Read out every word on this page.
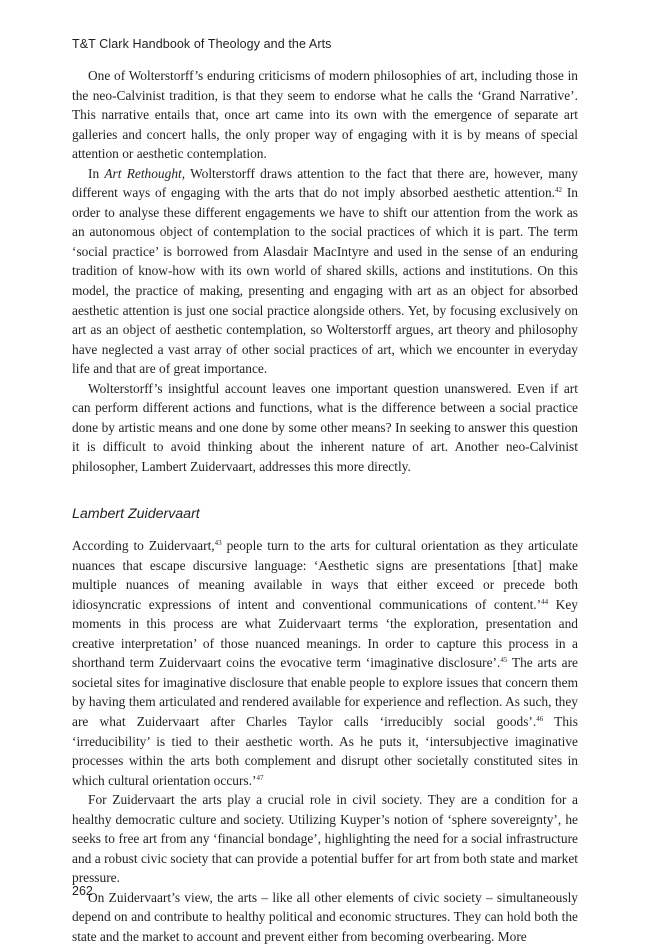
T&T Clark Handbook of Theology and the Arts

One of Wolterstorff’s enduring criticisms of modern philosophies of art, including those in the neo-Calvinist tradition, is that they seem to endorse what he calls the ‘Grand Narrative’. This narrative entails that, once art came into its own with the emergence of separate art galleries and concert halls, the only proper way of engaging with it is by means of special attention or aesthetic contemplation.

In Art Rethought, Wolterstorff draws attention to the fact that there are, however, many different ways of engaging with the arts that do not imply absorbed aesthetic attention.$^{42}$ In order to analyse these different engagements we have to shift our attention from the work as an autonomous object of contemplation to the social practices of which it is part. The term ‘social practice’ is borrowed from Alasdair MacIntyre and used in the sense of an enduring tradition of know-how with its own world of shared skills, actions and institutions. On this model, the practice of making, presenting and engaging with art as an object for absorbed aesthetic attention is just one social practice alongside others. Yet, by focusing exclusively on art as an object of aesthetic contemplation, so Wolterstorff argues, art theory and philosophy have neglected a vast array of other social practices of art, which we encounter in everyday life and that are of great importance.

Wolterstorff’s insightful account leaves one important question unanswered. Even if art can perform different actions and functions, what is the difference between a social practice done by artistic means and one done by some other means? In seeking to answer this question it is difficult to avoid thinking about the inherent nature of art. Another neo-Calvinist philosopher, Lambert Zuidervaart, addresses this more directly.

Lambert Zuidervaart

According to Zuidervaart,$^{43}$ people turn to the arts for cultural orientation as they articulate nuances that escape discursive language: ‘Aesthetic signs are presentations [that] make multiple nuances of meaning available in ways that either exceed or precede both idiosyncratic expressions of intent and conventional communications of content.’$^{44}$ Key moments in this process are what Zuidervaart terms ‘the exploration, presentation and creative interpretation’ of those nuanced meanings. In order to capture this process in a shorthand term Zuidervaart coins the evocative term ‘imaginative disclosure’.$^{45}$ The arts are societal sites for imaginative disclosure that enable people to explore issues that concern them by having them articulated and rendered available for experience and reflection. As such, they are what Zuidervaart after Charles Taylor calls ‘irreducibly social goods’.$^{46}$ This ‘irreducibility’ is tied to their aesthetic worth. As he puts it, ‘intersubjective imaginative processes within the arts both complement and disrupt other societally constituted sites in which cultural orientation occurs.’$^{47}$

For Zuidervaart the arts play a crucial role in civil society. They are a condition for a healthy democratic culture and society. Utilizing Kuyper’s notion of ‘sphere sovereignty’, he seeks to free art from any ‘financial bondage’, highlighting the need for a social infrastructure and a robust civic society that can provide a potential buffer for art from both state and market pressure.

On Zuidervaart’s view, the arts – like all other elements of civic society – simultaneously depend on and contribute to healthy political and economic structures. They can hold both the state and the market to account and prevent either from becoming overbearing. More

262
